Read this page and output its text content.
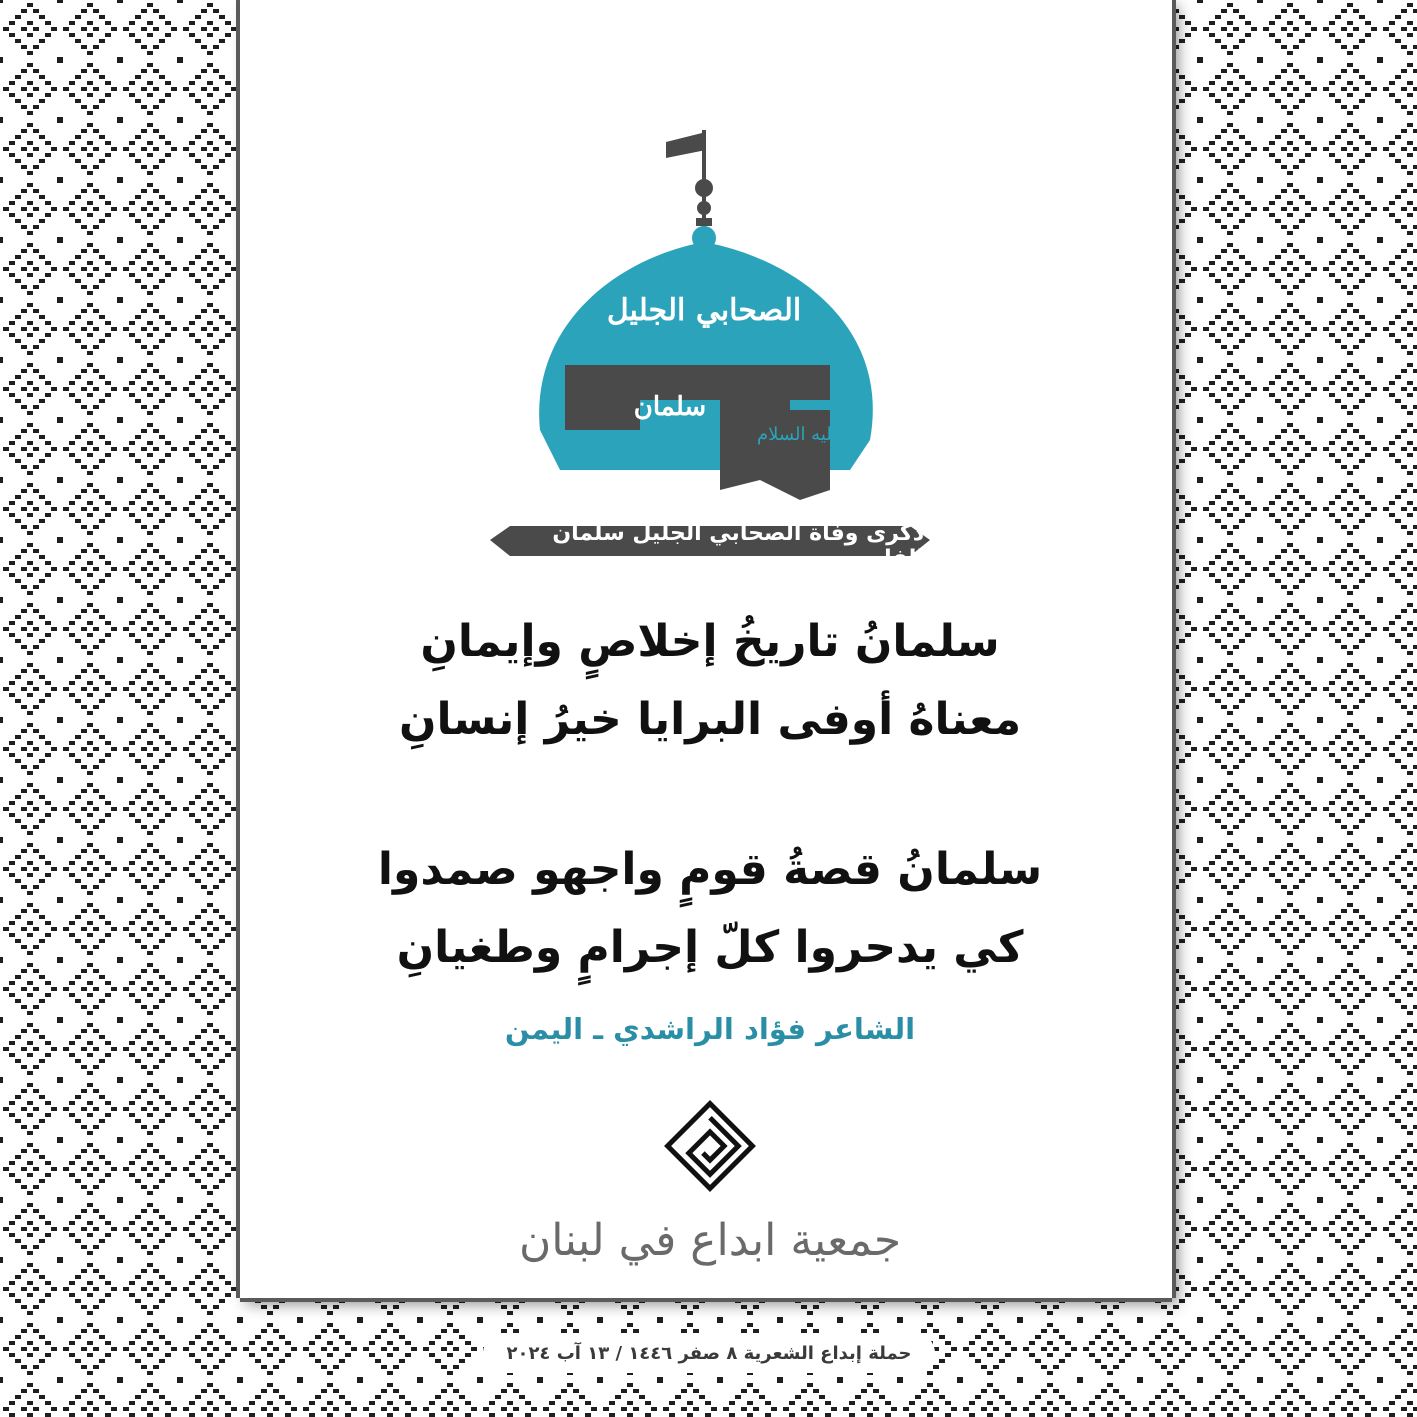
الصحابي الجليل
عليه السلام
سلمان
ذكرى وفاة الصحابي الجليل سلمان الفارسي
سلمانُ تاريخُ إخلاصٍ وإيمانِ
معناهُ أوفى البرايا خيرُ إنسانِ
سلمانُ قصةُ قومٍ واجهو صمدوا
كي يدحروا كلّ إجرامٍ وطغيانِ
الشاعر فؤاد الراشدي ـ اليمن
جمعية ابداع في لبنان
حملة إبداع الشعرية ٨ صفر ١٤٤٦ / ١٣ آب ٢٠٢٤
